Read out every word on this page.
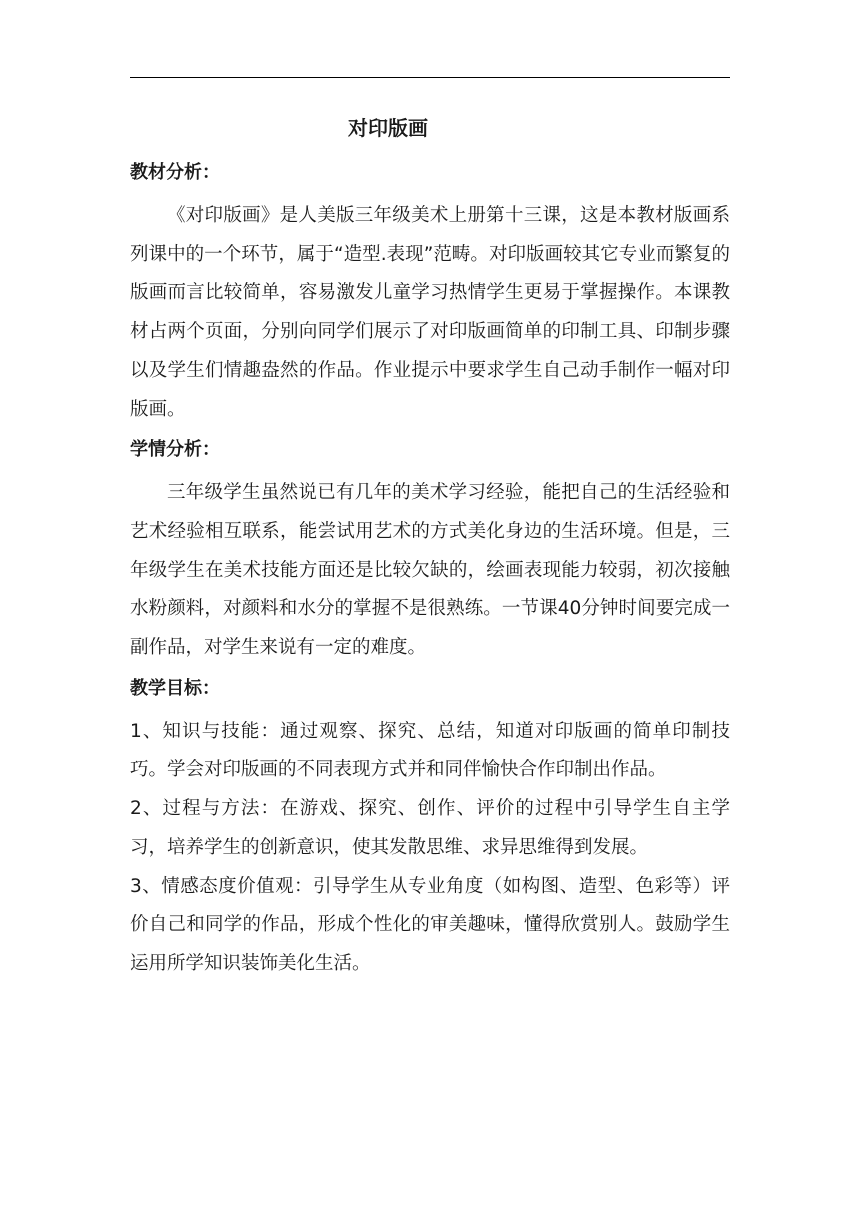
对印版画
教材分析：

《对印版画》是人美版三年级美术上册第十三课，这是本教材版画系列课中的一个环节，属于“造型.表现”范畴。对印版画较其它专业而繁复的版画而言比较简单，容易激发儿童学习热情学生更易于掌握操作。本课教材占两个页面，分别向同学们展示了对印版画简单的印制工具、印制步骤以及学生们情趣盎然的作品。作业提示中要求学生自己动手制作一幅对印版画。

学情分析：

三年级学生虽然说已有几年的美术学习经验，能把自己的生活经验和艺术经验相互联系，能尝试用艺术的方式美化身边的生活环境。但是，三年级学生在美术技能方面还是比较欠缺的，绘画表现能力较弱，初次接触水粉颜料，对颜料和水分的掌握不是很熟练。一节课40分钟时间要完成一副作品，对学生来说有一定的难度。

教学目标：

1、知识与技能：通过观察、探究、总结，知道对印版画的简单印制技巧。学会对印版画的不同表现方式并和同伴愉快合作印制出作品。

2、过程与方法：在游戏、探究、创作、评价的过程中引导学生自主学习，培养学生的创新意识，使其发散思维、求异思维得到发展。

3、情感态度价值观：引导学生从专业角度（如构图、造型、色彩等）评价自己和同学的作品，形成个性化的审美趣味，懂得欣赏别人。鼓励学生运用所学知识装饰美化生活。
